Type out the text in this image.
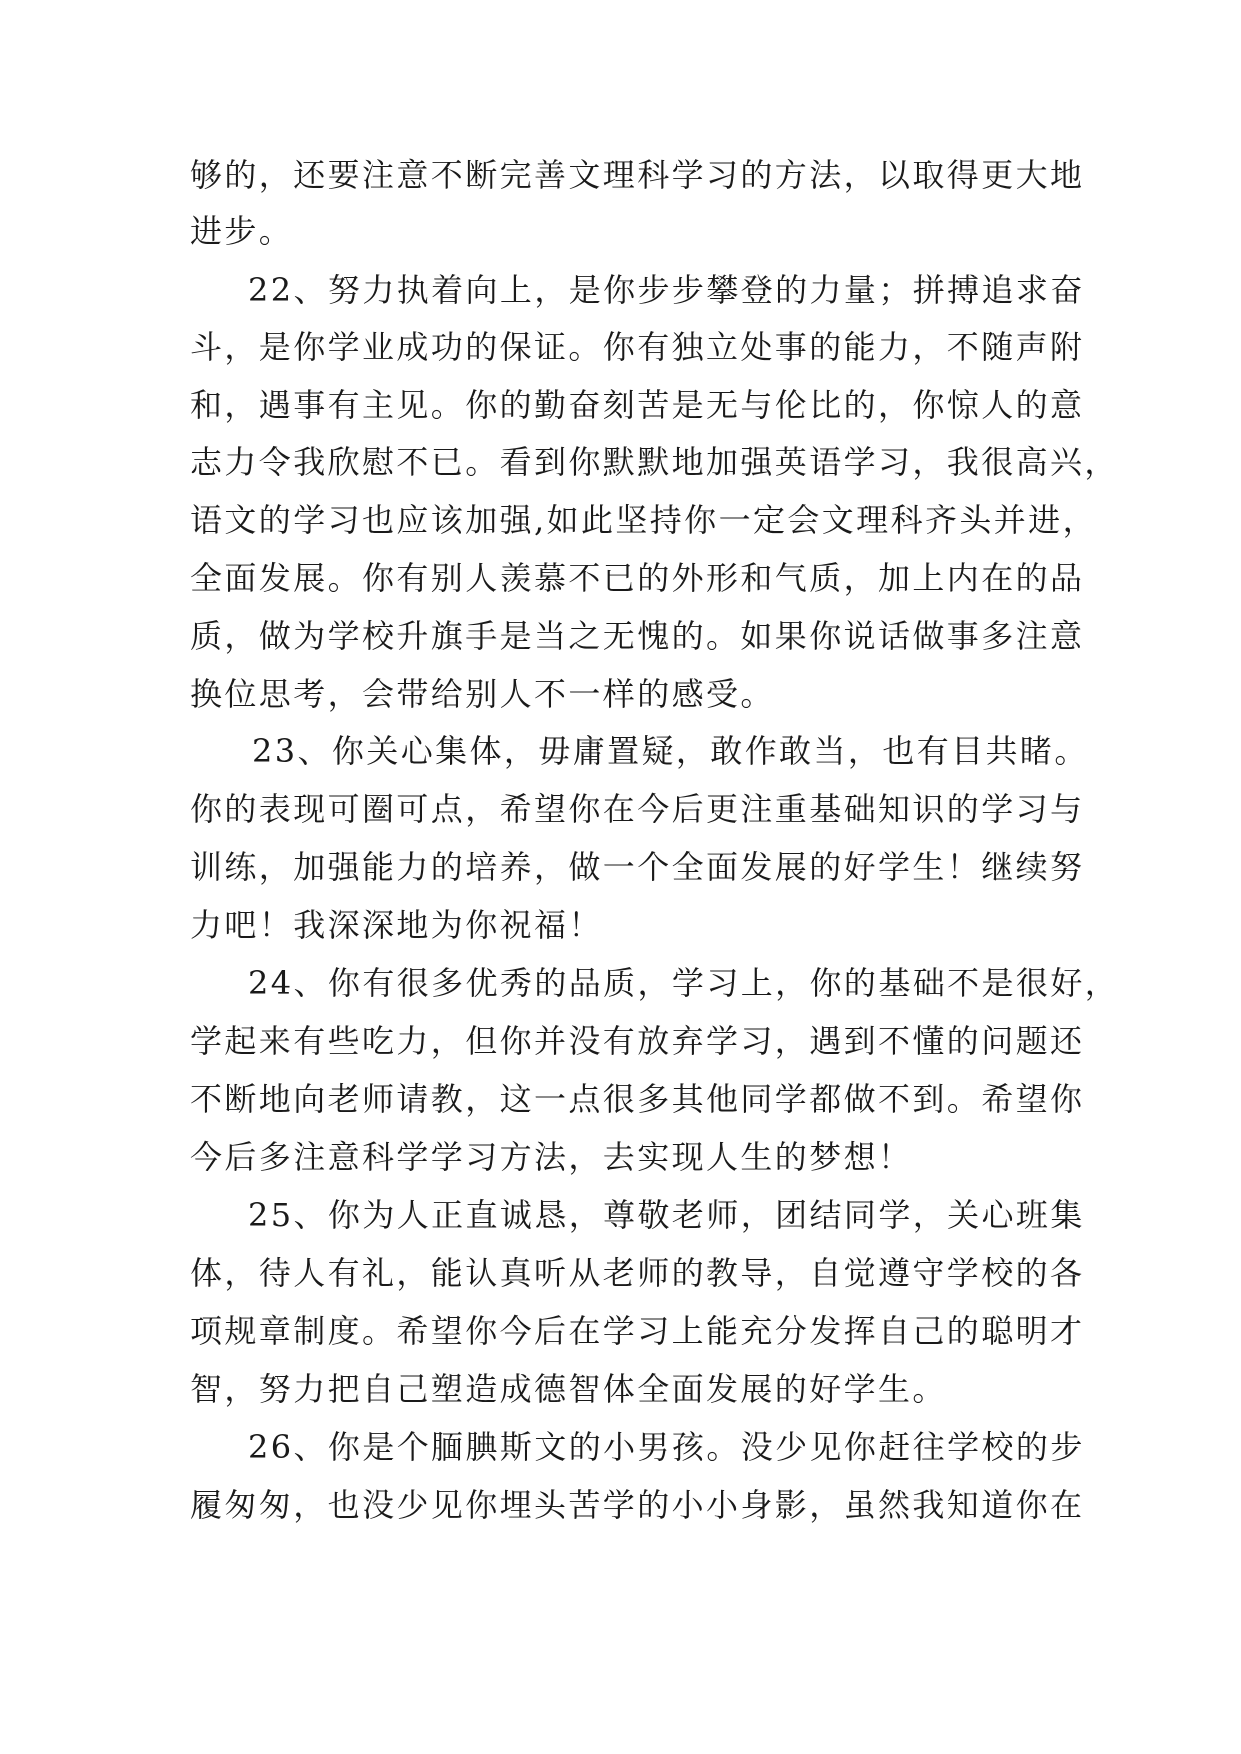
够的，还要注意不断完善文理科学习的方法，以取得更大地
进步。
22、努力执着向上，是你步步攀登的力量；拼搏追求奋
斗，是你学业成功的保证。你有独立处事的能力，不随声附
和，遇事有主见。你的勤奋刻苦是无与伦比的，你惊人的意
志力令我欣慰不已。看到你默默地加强英语学习，我很高兴，
语文的学习也应该加强,如此坚持你一定会文理科齐头并进，
全面发展。你有别人羡慕不已的外形和气质，加上内在的品
质，做为学校升旗手是当之无愧的。如果你说话做事多注意
换位思考，会带给别人不一样的感受。
23、你关心集体，毋庸置疑，敢作敢当，也有目共睹。
你的表现可圈可点，希望你在今后更注重基础知识的学习与
训练，加强能力的培养，做一个全面发展的好学生！继续努
力吧！我深深地为你祝福！
24、你有很多优秀的品质，学习上，你的基础不是很好，
学起来有些吃力，但你并没有放弃学习，遇到不懂的问题还
不断地向老师请教，这一点很多其他同学都做不到。希望你
今后多注意科学学习方法，去实现人生的梦想！
25、你为人正直诚恳，尊敬老师，团结同学，关心班集
体，待人有礼，能认真听从老师的教导，自觉遵守学校的各
项规章制度。希望你今后在学习上能充分发挥自己的聪明才
智，努力把自己塑造成德智体全面发展的好学生。
26、你是个腼腆斯文的小男孩。没少见你赶往学校的步
履匆匆，也没少见你埋头苦学的小小身影，虽然我知道你在
